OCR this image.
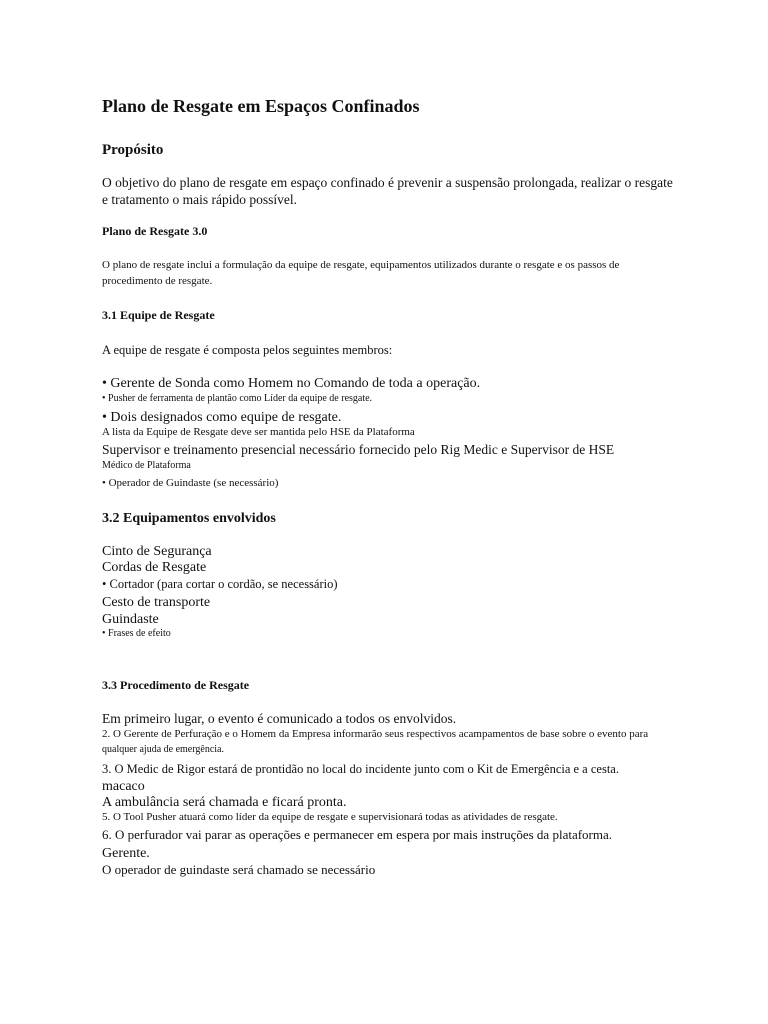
Plano de Resgate em Espaços Confinados
Propósito
O objetivo do plano de resgate em espaço confinado é prevenir a suspensão prolongada, realizar o resgate
e tratamento o mais rápido possível.
Plano de Resgate 3.0
O plano de resgate inclui a formulação da equipe de resgate, equipamentos utilizados durante o resgate e os passos de
procedimento de resgate.
3.1 Equipe de Resgate
A equipe de resgate é composta pelos seguintes membros:
• Gerente de Sonda como Homem no Comando de toda a operação.
• Pusher de ferramenta de plantão como Líder da equipe de resgate.
• Dois designados como equipe de resgate.
A lista da Equipe de Resgate deve ser mantida pelo HSE da Plataforma
Supervisor e treinamento presencial necessário fornecido pelo Rig Medic e Supervisor de HSE
Médico de Plataforma
• Operador de Guindaste (se necessário)
3.2 Equipamentos envolvidos
Cinto de Segurança
Cordas de Resgate
• Cortador (para cortar o cordão, se necessário)
Cesto de transporte
Guindaste
• Frases de efeito
3.3 Procedimento de Resgate
Em primeiro lugar, o evento é comunicado a todos os envolvidos.
2. O Gerente de Perfuração e o Homem da Empresa informarão seus respectivos acampamentos de base sobre o evento para
qualquer ajuda de emergência.
3. O Medic de Rigor estará de prontidão no local do incidente junto com o Kit de Emergência e a cesta.
macaco
A ambulância será chamada e ficará pronta.
5. O Tool Pusher atuará como líder da equipe de resgate e supervisionará todas as atividades de resgate.
6. O perfurador vai parar as operações e permanecer em espera por mais instruções da plataforma.
Gerente.
O operador de guindaste será chamado se necessário
